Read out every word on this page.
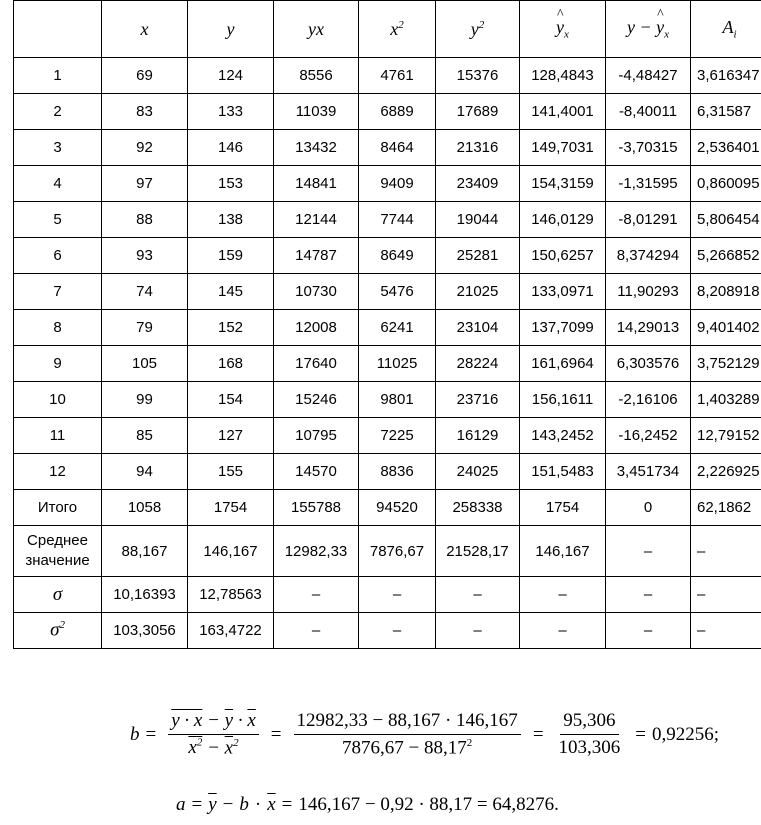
	x	y	yx	$x^2$	$y^2$	^ $y_x$	y − ^ $y_x$	$A_i$
1	69	124	8556	4761	15376	128,4843	-4,48427	3,616347
2	83	133	11039	6889	17689	141,4001	-8,40011	6,31587
3	92	146	13432	8464	21316	149,7031	-3,70315	2,536401
4	97	153	14841	9409	23409	154,3159	-1,31595	0,860095
5	88	138	12144	7744	19044	146,0129	-8,01291	5,806454
6	93	159	14787	8649	25281	150,6257	8,374294	5,266852
7	74	145	10730	5476	21025	133,0971	11,90293	8,208918
8	79	152	12008	6241	23104	137,7099	14,29013	9,401402
9	105	168	17640	11025	28224	161,6964	6,303576	3,752129
10	99	154	15246	9801	23716	156,1611	-2,16106	1,403289
11	85	127	10795	7225	16129	143,2452	-16,2452	12,79152
12	94	155	14570	8836	24025	151,5483	3,451734	2,226925
Итого	1058	1754	155788	94520	258338	1754	0	62,1862
Среднее значение	88,167	146,167	12982,33	7876,67	21528,17	146,167	–	–
σ	10,16393	12,78563	–	–	–	–	–	–
$\sigma^2$	103,3056	163,4722	–	–	–	–	–	–
$b = \frac{y \cdot x - \overline{y} \cdot \overline{x}}{x^2 - \overline{x}^2} = \frac{12982,33 - 88,167 \cdot 146,167}{7876,67 - 88,17^2} = \frac{95,306}{103,306} = 0,92256$;
$a = \overline{y} - b \cdot \overline{x} = 146,167 - 0,92 \cdot 88,17 = 64,8276$.
